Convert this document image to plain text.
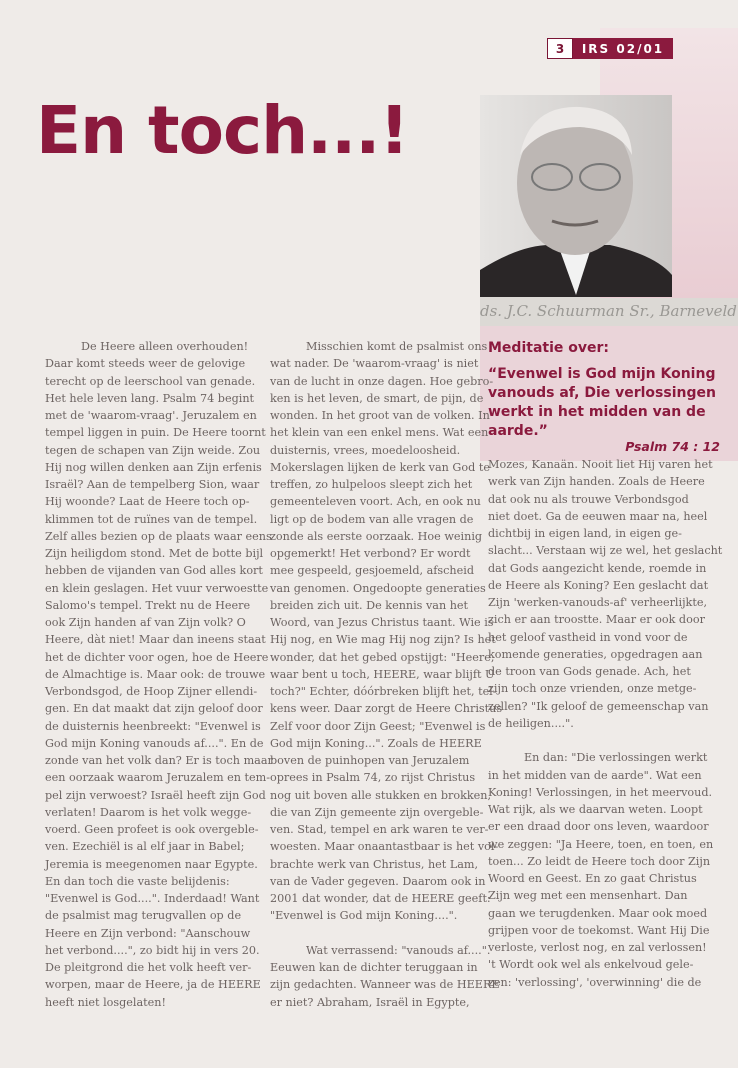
3	IRS 02/01
En toch...!
ds. J.C. Schuurman Sr., Barneveld
Meditatie over:
“Evenwel is God mijn Koning vanouds af, Die verlossingen werkt in het midden van de aarde.”
Psalm 74 : 12
De Heere alleen overhouden!
Daar komt steeds weer de gelovige
terecht op de leerschool van genade.
Het hele leven lang. Psalm 74 begint
met de 'waarom-vraag'. Jeruzalem en
tempel liggen in puin. De Heere toornt
tegen de schapen van Zijn weide. Zou
Hij nog willen denken aan Zijn erfenis
Israël? Aan de tempelberg Sion, waar
Hij woonde? Laat de Heere toch op-
klimmen tot de ruïnes van de tempel.
Zelf alles bezien op de plaats waar eens
Zijn heiligdom stond. Met de botte bijl
hebben de vijanden van God alles kort
en klein geslagen. Het vuur verwoestte
Salomo's tempel. Trekt nu de Heere
ook Zijn handen af van Zijn volk? O
Heere, dàt niet! Maar dan ineens staat
het de dichter voor ogen, hoe de Heere
de Almachtige is. Maar ook: de trouwe
Verbondsgod, de Hoop Zijner ellendi-
gen. En dat maakt dat zijn geloof door
de duisternis heenbreekt: "Evenwel is
God mijn Koning vanouds af....". En de
zonde van het volk dan? Er is toch maar
een oorzaak waarom Jeruzalem en tem-
pel zijn verwoest? Israël heeft zijn God
verlaten! Daarom is het volk wegge-
voerd. Geen profeet is ook overgeble-
ven. Ezechiël is al elf jaar in Babel;
Jeremia is meegenomen naar Egypte.
En dan toch die vaste belijdenis:
"Evenwel is God....". Inderdaad! Want
de psalmist mag terugvallen op de
Heere en Zijn verbond: "Aanschouw
het verbond....", zo bidt hij in vers 20.
De pleitgrond die het volk heeft ver-
worpen, maar de Heere, ja de HEERE
heeft niet losgelaten!
Misschien komt de psalmist ons
wat nader. De 'waarom-vraag' is niet
van de lucht in onze dagen. Hoe gebro-
ken is het leven, de smart, de pijn, de
wonden. In het groot van de volken. In
het klein van een enkel mens. Wat een
duisternis, vrees, moedeloosheid.
Mokerslagen lijken de kerk van God te
treffen, zo hulpeloos sleept zich het
gemeenteleven voort. Ach, en ook nu
ligt op de bodem van alle vragen de
zonde als eerste oorzaak. Hoe weinig
opgemerkt! Het verbond? Er wordt
mee gespeeld, gesjoemeld, afscheid
van genomen. Ongedoopte generaties
breiden zich uit. De kennis van het
Woord, van Jezus Christus taant. Wie is
Hij nog, en Wie mag Hij nog zijn? Is het
wonder, dat het gebed opstijgt: "Heere,
waar bent u toch, HEERE, waar blijft U
toch?" Echter, dóórbreken blijft het, tel-
kens weer. Daar zorgt de Heere Christus
Zelf voor door Zijn Geest; "Evenwel is
God mijn Koning...". Zoals de HEERE
boven de puinhopen van Jeruzalem
oprees in Psalm 74, zo rijst Christus
nog uit boven alle stukken en brokken,
die van Zijn gemeente zijn overgeble-
ven. Stad, tempel en ark waren te ver-
woesten. Maar onaantastbaar is het vol-
brachte werk van Christus, het Lam,
van de Vader gegeven. Daarom ook in
2001 dat wonder, dat de HEERE geeft:
"Evenwel is God mijn Koning....".
Wat verrassend: "vanouds af....".
Eeuwen kan de dichter teruggaan in
zijn gedachten. Wanneer was de HEERE
er niet? Abraham, Israël in Egypte,
Mozes, Kanaän. Nooit liet Hij varen het
werk van Zijn handen. Zoals de Heere
dat ook nu als trouwe Verbondsgod
niet doet. Ga de eeuwen maar na, heel
dichtbij in eigen land, in eigen ge-
slacht... Verstaan wij ze wel, het geslacht
dat Gods aangezicht kende, roemde in
de Heere als Koning? Een geslacht dat
Zijn 'werken-vanouds-af' verheerlijkte,
zich er aan troostte. Maar er ook door
het geloof vastheid in vond voor de
komende generaties, opgedragen aan
de troon van Gods genade. Ach, het
zijn toch onze vrienden, onze metge-
zellen? "Ik geloof de gemeenschap van
de heiligen....".
En dan: "Die verlossingen werkt
in het midden van de aarde". Wat een
Koning! Verlossingen, in het meervoud.
Wat rijk, als we daarvan weten. Loopt
er een draad door ons leven, waardoor
we zeggen: "Ja Heere, toen, en toen, en
toen... Zo leidt de Heere toch door Zijn
Woord en Geest. En zo gaat Christus
Zijn weg met een mensenhart. Dan
gaan we terugdenken. Maar ook moed
grijpen voor de toekomst. Want Hij Die
verloste, verlost nog, en zal verlossen!
't Wordt ook wel als enkelvoud gele-
zen: 'verlossing', 'overwinning' die de
